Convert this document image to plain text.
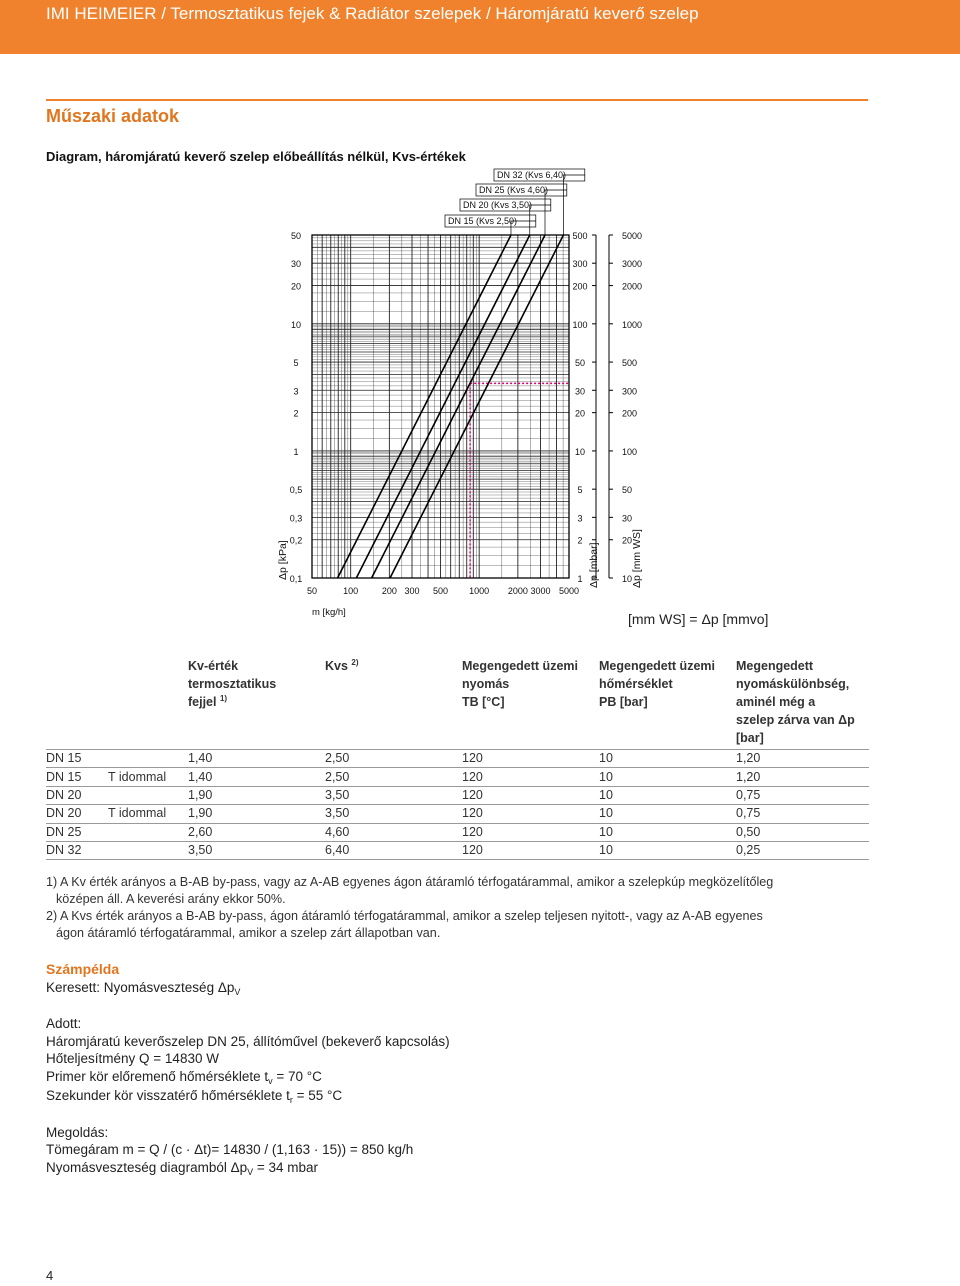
IMI HEIMEIER / Termosztatikus fejek & Radiátor szelepek / Háromjáratú keverő szelep
Műszaki adatok
Diagram, háromjáratú keverő szelep előbeállítás nélkül, Kvs-értékek
0,1
0,2
0,3
0,5
1
2
3
5
10
20
30
50
1
2
3
5
10
20
30
50
100
200
300
500
10
20
30
50
100
200
300
500
1000
2000
3000
5000
50	100	200 300 500 1000 2000 3000 5000
m [kg/h]
Δp [kPa]	Δp [mbar]	Δp [mm WS]
DN 15 (Kvs 2,50)
DN 20 (Kvs 3,50)
DN 25 (Kvs 4,60)
DN 32 (Kvs 6,40)
[mm WS] = Δp [mmvo]
		Kv-érték
termosztatikus
fejjel $^{1)}$	Kvs $^{2)}$	Megengedett üzemi
nyomás
TB [°C]	Megengedett üzemi
hőmérséklet
PB [bar]	Megengedett
nyomáskülönbség,
aminél még a
szelep zárva van Δp
[bar]
DN 15		1,40	2,50	120	10	1,20
DN 15	T idommal	1,40	2,50	120	10	1,20
DN 20		1,90	3,50	120	10	0,75
DN 20	T idommal	1,90	3,50	120	10	0,75
DN 25		2,60	4,60	120	10	0,50
DN 32		3,50	6,40	120	10	0,25
1) A Kv érték arányos a B-AB by-pass, vagy az A-AB egyenes ágon átáramló térfogatárammal, amikor a szelepkúp megközelítőleg
középen áll. A keverési arány ekkor 50%.
2) A Kvs érték arányos a B-AB by-pass, ágon átáramló térfogatárammal, amikor a szelep teljesen nyitott-, vagy az A-AB egyenes
ágon átáramló térfogatárammal, amikor a szelep zárt állapotban van.
Számpélda
Keresett: Nyomásveszteség $\Delta p_V$
Adott:
Háromjáratú keverőszelep DN 25, állítóművel (bekeverő kapcsolás)
Hőteljesítmény Q = 14830 W
Primer kör előremenő hőmérséklete $t_v = 70$ °C
Szekunder kör visszatérő hőmérséklete $t_r = 55$ °C
Megoldás:
Tömegáram m = Q / (c · Δt)= 14830 / (1,163 · 15)) = 850 kg/h
Nyomásveszteség diagramból $\Delta p_V = 34$ mbar
4
